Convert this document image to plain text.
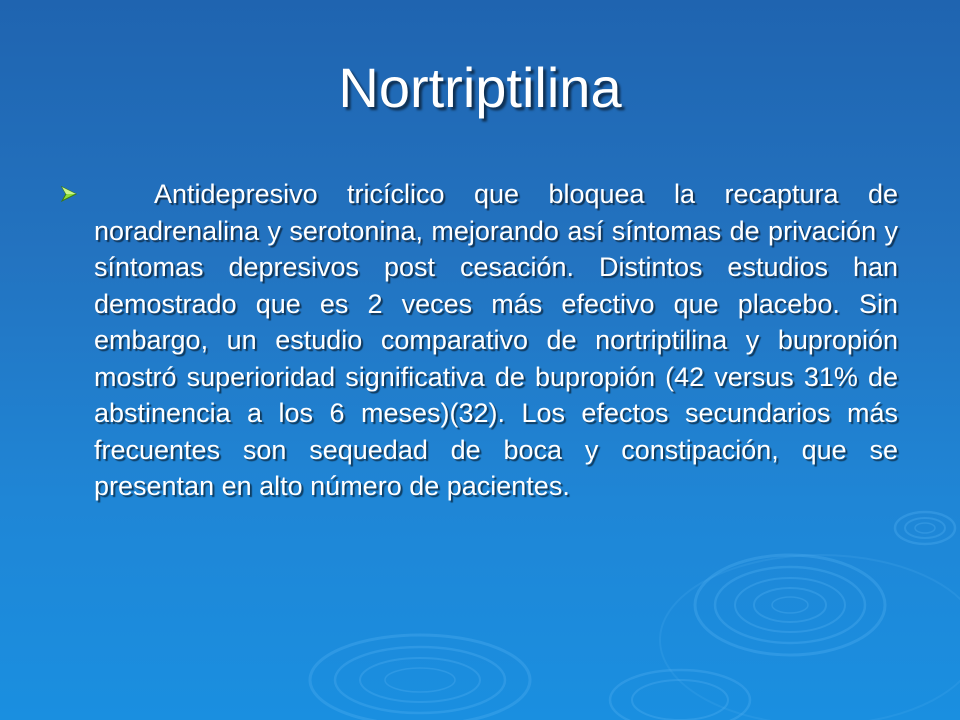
Nortriptilina
Antidepresivo tricíclico que bloquea la recaptura de noradrenalina y serotonina, mejorando así síntomas de privación y síntomas depresivos post cesación. Distintos estudios han demostrado que es 2 veces más efectivo que placebo. Sin embargo, un estudio comparativo de nortriptilina y bupropión mostró superioridad significativa de bupropión (42 versus 31% de abstinencia a los 6 meses)(32). Los efectos secundarios más frecuentes son sequedad de boca y constipación, que se presentan en alto número de pacientes.
